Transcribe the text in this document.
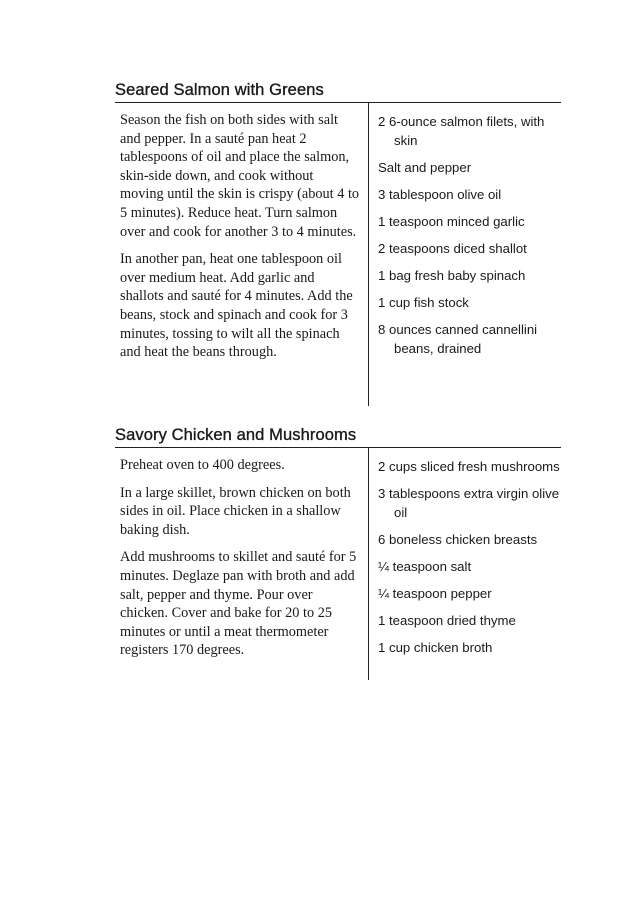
Seared Salmon with Greens

Season the fish on both sides with salt and pepper. In a sauté pan heat 2 tablespoons of oil and place the salmon, skin-side down, and cook without moving until the skin is crispy (about 4 to 5 minutes). Reduce heat. Turn salmon over and cook for another 3 to 4 minutes.

In another pan, heat one tablespoon oil over medium heat. Add garlic and shallots and sauté for 4 minutes. Add the beans, stock and spinach and cook for 3 minutes, tossing to wilt all the spinach and heat the beans through.

2 6-ounce salmon filets, with skin
Salt and pepper
3 tablespoon olive oil
1 teaspoon minced garlic
2 teaspoons diced shallot
1 bag fresh baby spinach
1 cup fish stock
8 ounces canned cannellini beans, drained
Savory Chicken and Mushrooms

Preheat oven to 400 degrees.

In a large skillet, brown chicken on both sides in oil. Place chicken in a shallow baking dish.

Add mushrooms to skillet and sauté for 5 minutes. Deglaze pan with broth and add salt, pepper and thyme. Pour over chicken. Cover and bake for 20 to 25 minutes or until a meat thermometer registers 170 degrees.

2 cups sliced fresh mushrooms
3 tablespoons extra virgin olive oil
6 boneless chicken breasts
¼ teaspoon salt
¼ teaspoon pepper
1 teaspoon dried thyme
1 cup chicken broth
